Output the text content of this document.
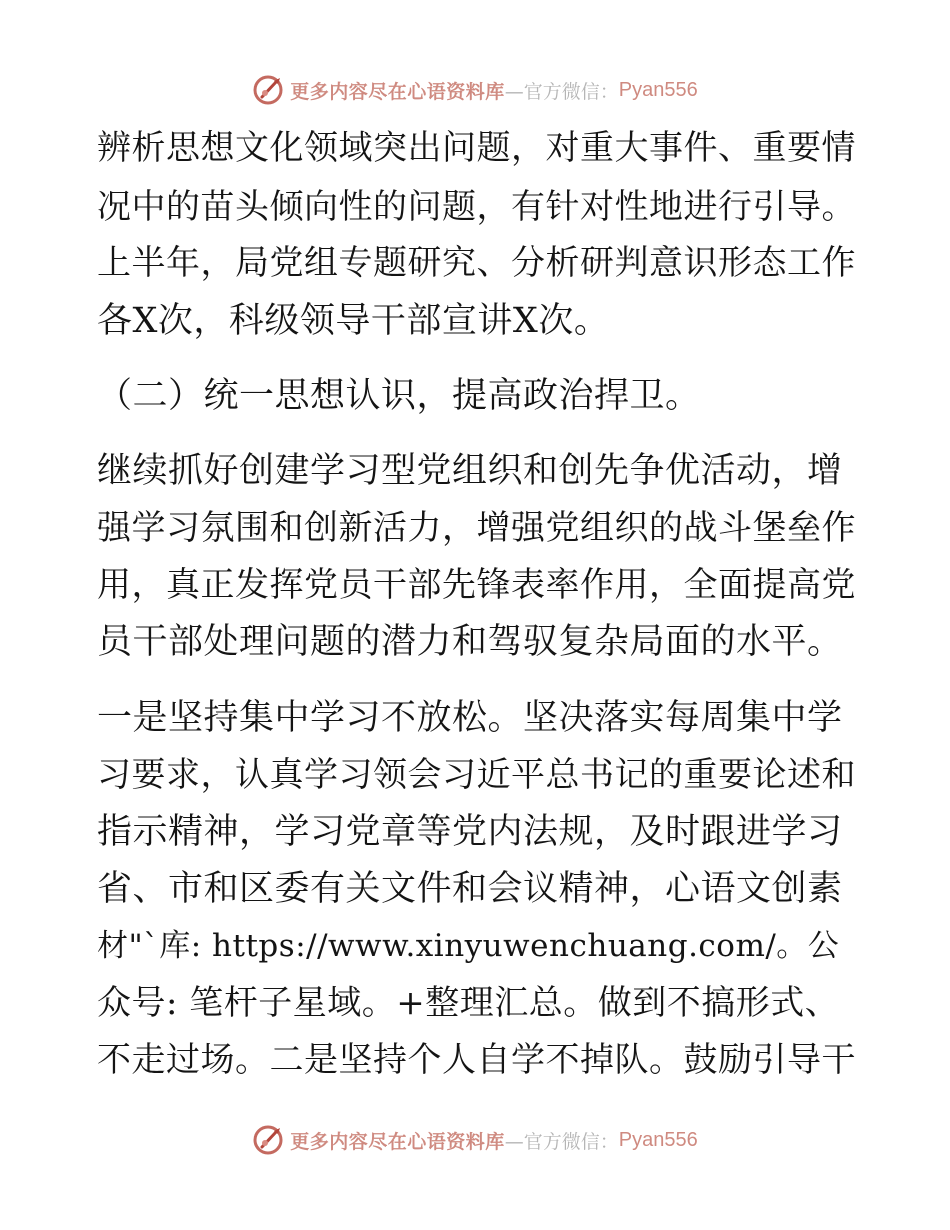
更多内容尽在心语资料库 —官方微信： Pyan556
辨析思想文化领域突出问题，对重大事件、重要情
况中的苗头倾向性的问题，有针对性地进行引导。
上半年，局党组专题研究、分析研判意识形态工作
各X次，科级领导干部宣讲X次。
（二）统一思想认识，提高政治捍卫。
继续抓好创建学习型党组织和创先争优活动，增
强学习氛围和创新活力，增强党组织的战斗堡垒作
用，真正发挥党员干部先锋表率作用，全面提高党
员干部处理问题的潜力和驾驭复杂局面的水平。
一是坚持集中学习不放松。坚决落实每周集中学
习要求，认真学习领会习近平总书记的重要论述和
指示精神，学习党章等党内法规，及时跟进学习
省、市和区委有关文件和会议精神，心语文创素
材"`库: https://www.xinyuwenchuang.com/。公
众号: 笔杆子星域。+整理汇总。做到不搞形式、
不走过场。二是坚持个人自学不掉队。鼓励引导干
更多内容尽在心语资料库 —官方微信： Pyan556
